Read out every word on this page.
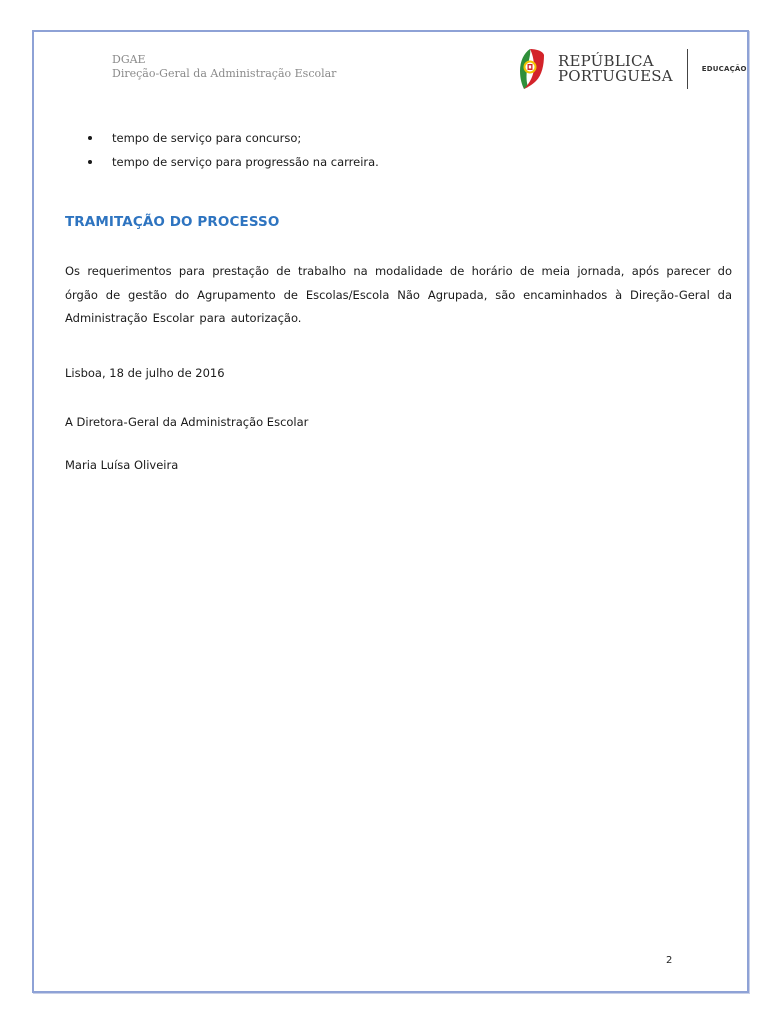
DGAE
Direção-Geral da Administração Escolar
REPÚBLICA
PORTUGUESA	EDUCAÇÃO
tempo de serviço para concurso;
tempo de serviço para progressão na carreira.
TRAMITAÇÃO DO PROCESSO

Os requerimentos para prestação de trabalho na modalidade de horário de meia jornada, após parecer do órgão de gestão do Agrupamento de Escolas/Escola Não Agrupada, são encaminhados à Direção-Geral da Administração Escolar para autorização.

Lisboa, 18 de julho de 2016

A Diretora-Geral da Administração Escolar

Maria Luísa Oliveira

2
